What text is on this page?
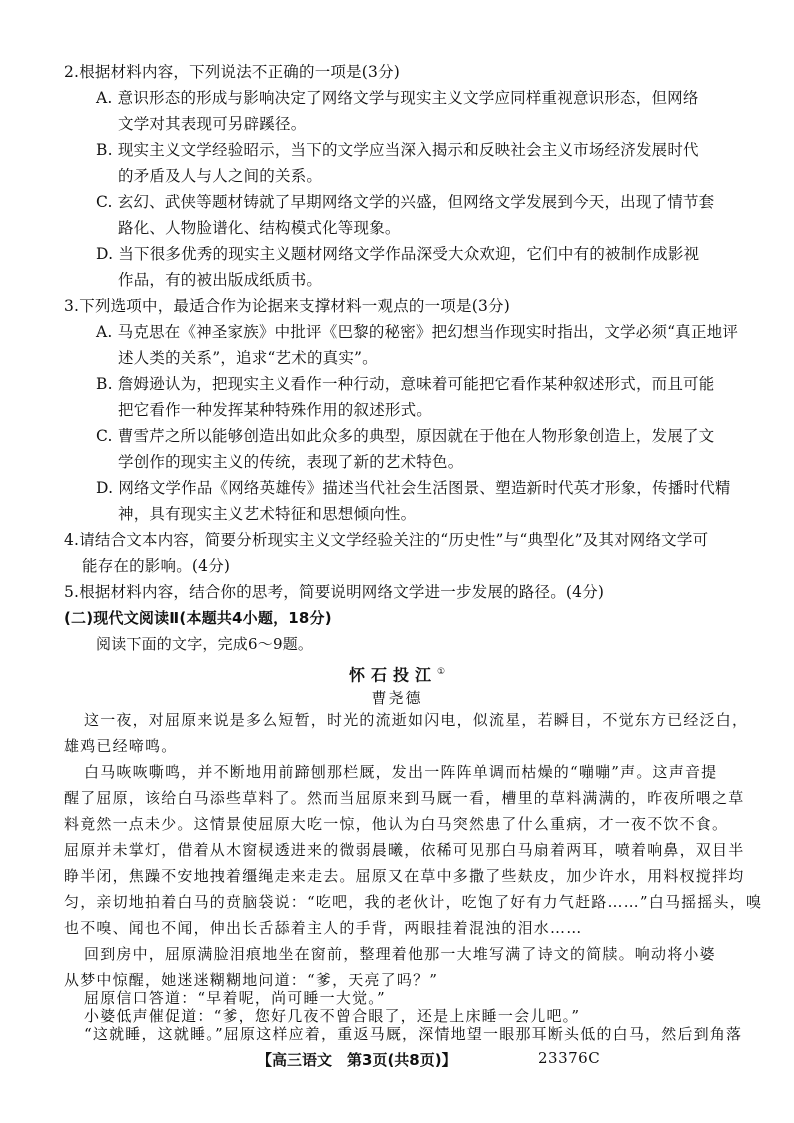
2.根据材料内容，下列说法不正确的一项是(3分)
A. 意识形态的形成与影响决定了网络文学与现实主义文学应同样重视意识形态，但网络
文学对其表现可另辟蹊径。
B. 现实主义文学经验昭示，当下的文学应当深入揭示和反映社会主义市场经济发展时代
的矛盾及人与人之间的关系。
C. 玄幻、武侠等题材铸就了早期网络文学的兴盛，但网络文学发展到今天，出现了情节套
路化、人物脸谱化、结构模式化等现象。
D. 当下很多优秀的现实主义题材网络文学作品深受大众欢迎，它们中有的被制作成影视
作品，有的被出版成纸质书。
3.下列选项中，最适合作为论据来支撑材料一观点的一项是(3分)
A. 马克思在《神圣家族》中批评《巴黎的秘密》把幻想当作现实时指出，文学必须“真正地评
述人类的关系”，追求“艺术的真实”。
B. 詹姆逊认为，把现实主义看作一种行动，意味着可能把它看作某种叙述形式，而且可能
把它看作一种发挥某种特殊作用的叙述形式。
C. 曹雪芹之所以能够创造出如此众多的典型，原因就在于他在人物形象创造上，发展了文
学创作的现实主义的传统，表现了新的艺术特色。
D. 网络文学作品《网络英雄传》描述当代社会生活图景、塑造新时代英才形象，传播时代精
神，具有现实主义艺术特征和思想倾向性。
4.请结合文本内容，简要分析现实主义文学经验关注的“历史性”与“典型化”及其对网络文学可
能存在的影响。(4分)
5.根据材料内容，结合你的思考，简要说明网络文学进一步发展的路径。(4分)
(二)现代文阅读Ⅱ(本题共4小题，18分)
阅读下面的文字，完成6～9题。
怀石投江①
曹尧德
这一夜，对屈原来说是多么短暂，时光的流逝如闪电，似流星，若瞬目，不觉东方已经泛白，
雄鸡已经啼鸣。
白马咴咴嘶鸣，并不断地用前蹄刨那栏厩，发出一阵阵单调而枯燥的“嘣嘣”声。这声音提
醒了屈原，该给白马添些草料了。然而当屈原来到马厩一看，槽里的草料满满的，昨夜所喂之草
料竟然一点未少。这情景使屈原大吃一惊，他认为白马突然患了什么重病，才一夜不饮不食。
屈原并未掌灯，借着从木窗棂透进来的微弱晨曦，依稀可见那白马扇着两耳，喷着响鼻，双目半
睁半闭，焦躁不安地拽着缰绳走来走去。屈原又在草中多撒了些麸皮，加少许水，用料杈搅拌均
匀，亲切地拍着白马的贲脑袋说：“吃吧，我的老伙计，吃饱了好有力气赶路……”白马摇摇头，嗅
也不嗅、闻也不闻，伸出长舌舔着主人的手背，两眼挂着混浊的泪水……
回到房中，屈原满脸泪痕地坐在窗前，整理着他那一大堆写满了诗文的简牍。响动将小婆
从梦中惊醒，她迷迷糊糊地问道：“爹，天亮了吗？”
屈原信口答道：“早着呢，尚可睡一大觉。”
小婆低声催促道：“爹，您好几夜不曾合眼了，还是上床睡一会儿吧。”
“这就睡，这就睡。”屈原这样应着，重返马厩，深情地望一眼那耳断头低的白马，然后到角落
【高三语文　第3页(共8页)】	23376C
